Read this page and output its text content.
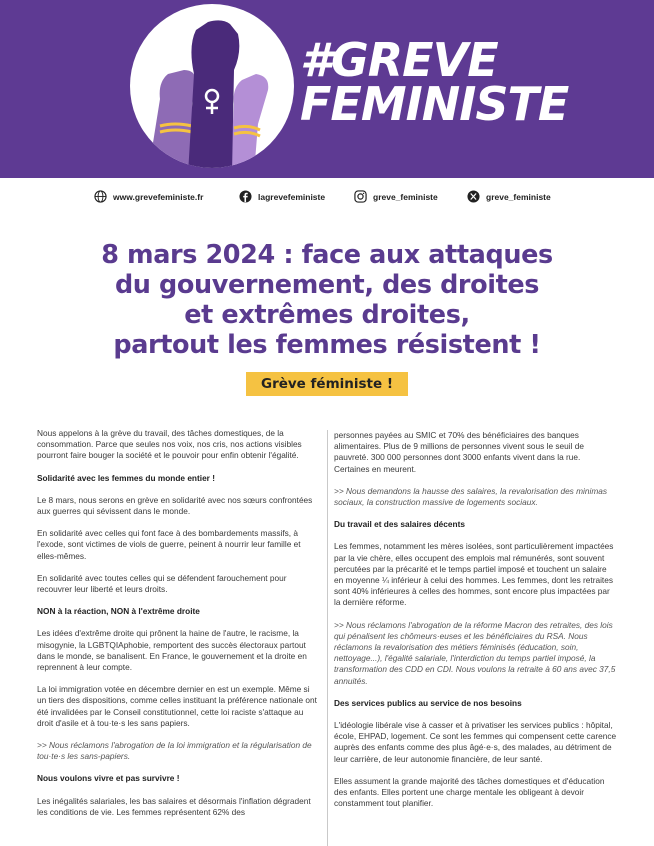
#GREVE
FEMINISTE
www.grevefeministe.fr	lagrevefeministe	greve_feministe	greve_feministe
8 mars 2024 : face aux attaques
du gouvernement, des droites
et extrêmes droites,
partout les femmes résistent !
Grève féministe !

Nous appelons à la grève du travail, des tâches domestiques, de la consommation. Parce que seules nos voix, nos cris, nos actions visibles pourront faire bouger la société et le pouvoir pour enfin obtenir l'égalité.

Solidarité avec les femmes du monde entier !

Le 8 mars, nous serons en grève en solidarité avec nos sœurs confrontées aux guerres qui sévissent dans le monde.

En solidarité avec celles qui font face à des bombardements massifs, à l'exode, sont victimes de viols de guerre, peinent à nourrir leur famille et elles-mêmes.

En solidarité avec toutes celles qui se défendent farouchement pour recouvrer leur liberté et leurs droits.

NON à la réaction, NON à l'extrême droite

Les idées d'extrême droite qui prônent la haine de l'autre, le racisme, la misogynie, la LGBTQIAphobie, remportent des succès électoraux partout dans le monde, se banalisent. En France, le gouvernement et la droite en reprennent à leur compte.

La loi immigration votée en décembre dernier en est un exemple. Même si un tiers des dispositions, comme celles instituant la préférence nationale ont été invalidées par le Conseil constitutionnel, cette loi raciste s'attaque au droit d'asile et à tou·te·s les sans papiers.

>> Nous réclamons l'abrogation de la loi immigration et la régularisation de tou·te·s les sans-papiers.

Nous voulons vivre et pas survivre !

Les inégalités salariales, les bas salaires et désormais l'inflation dégradent les conditions de vie. Les femmes représentent 62% des

personnes payées au SMIC et 70% des bénéficiaires des banques alimentaires. Plus de 9 millions de personnes vivent sous le seuil de pauvreté. 300 000 personnes dont 3000 enfants vivent dans la rue. Certaines en meurent.

>> Nous demandons la hausse des salaires, la revalorisation des minimas sociaux, la construction massive de logements sociaux.

Du travail et des salaires décents

Les femmes, notamment les mères isolées, sont particulièrement impactées par la vie chère, elles occupent des emplois mal rémunérés, sont souvent percutées par la précarité et le temps partiel imposé et touchent un salaire en moyenne ¼ inférieur à celui des hommes. Les femmes, dont les retraites sont 40% inférieures à celles des hommes, sont encore plus impactées par la dernière réforme.

>> Nous réclamons l'abrogation de la réforme Macron des retraites, des lois qui pénalisent les chômeurs·euses et les bénéficiaires du RSA. Nous réclamons la revalorisation des métiers féminisés (éducation, soin, nettoyage...), l'égalité salariale, l'interdiction du temps partiel imposé, la transformation des CDD en CDI. Nous voulons la retraite à 60 ans avec 37,5 annuités.

Des services publics au service de nos besoins

L'idéologie libérale vise à casser et à privatiser les services publics : hôpital, école, EHPAD, logement. Ce sont les femmes qui compensent cette carence auprès des enfants comme des plus âgé·e·s, des malades, au détriment de leur carrière, de leur autonomie financière, de leur santé.

Elles assument la grande majorité des tâches domestiques et d'éducation des enfants. Elles portent une charge mentale les obligeant à devoir constamment tout planifier.
